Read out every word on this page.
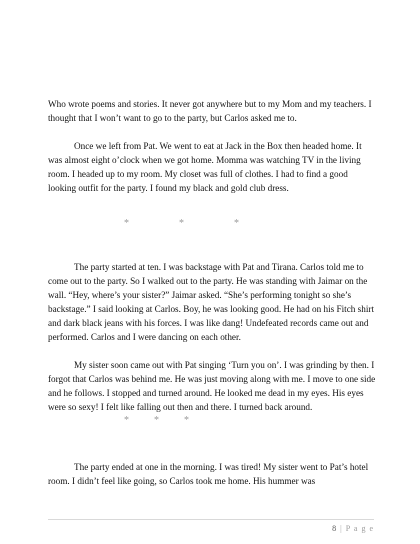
Who wrote poems and stories. It never got anywhere but to my Mom and my teachers. I thought that I won’t want to go to the party, but Carlos asked me to.

Once we left from Pat. We went to eat at Jack in the Box then headed home. It was almost eight o’clock when we got home. Momma was watching TV in the living room. I headed up to my room. My closet was full of clothes. I had to find a good looking outfit for the party. I found my black and gold club dress.

*                    *                    *

The party started at ten. I was backstage with Pat and Tirana. Carlos told me to come out to the party. So I walked out to the party. He was standing with Jaimar on the wall. “Hey, where’s your sister?” Jaimar asked. “She’s performing tonight so she’s backstage.” I said looking at Carlos. Boy, he was looking good. He had on his Fitch shirt and dark black jeans with his forces. I was like dang! Undefeated records came out and performed. Carlos and I were dancing on each other.

My sister soon came out with Pat singing ‘Turn you on’. I was grinding by then. I forgot that Carlos was behind me. He was just moving along with me. I move to one side and he follows. I stopped and turned around. He looked me dead in my eyes. His eyes were so sexy! I felt like falling out then and there. I turned back around.

*          *          *

The party ended at one in the morning. I was tired! My sister went to Pat’s hotel room. I didn’t feel like going, so Carlos took me home. His hummer was

8 | P a g e
